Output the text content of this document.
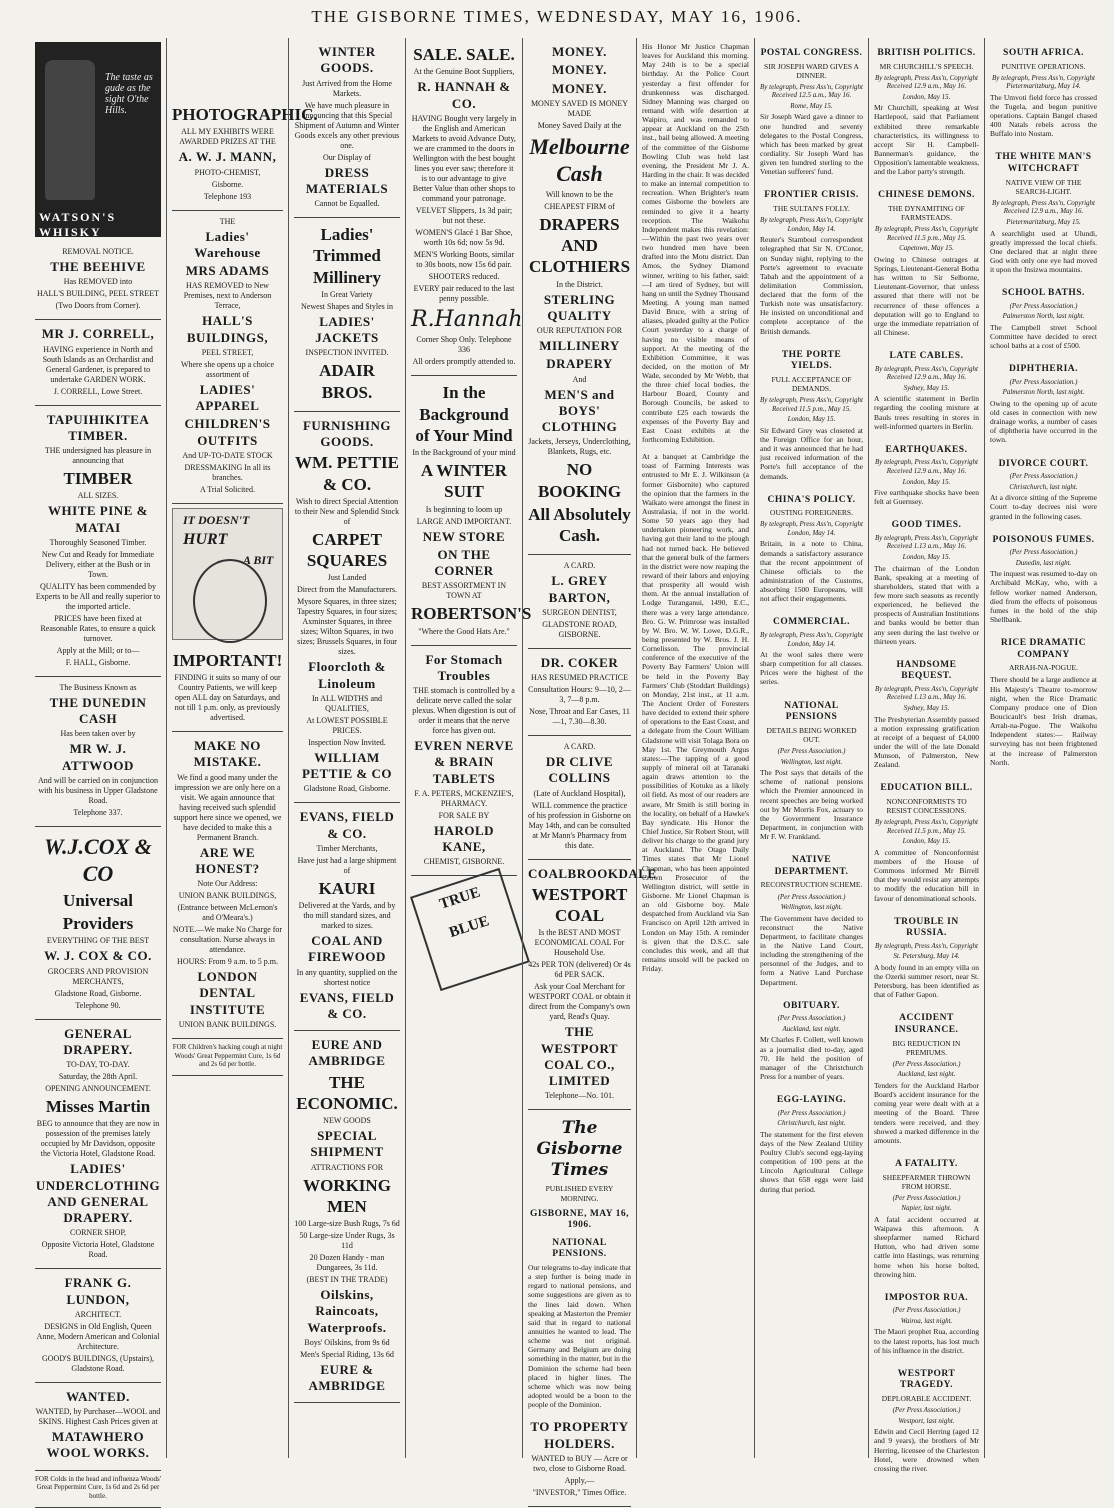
THE GISBORNE TIMES, WEDNESDAY, MAY 16, 1906.
The taste as gude as the sight O'the Hills.
WATSON'S WHISKY

REMOVAL NOTICE.

THE BEEHIVE

Has REMOVED into

HALL'S BUILDING, PEEL STREET

(Two Doors from Corner).

MR J. CORRELL,

HAVING experience in North and South Islands as an Orchardist and General Gardener, is prepared to undertake GARDEN WORK.

J. CORRELL, Lowe Street.

TAPUIHIKITEA TIMBER.

THE undersigned has pleasure in announcing that

TIMBER

ALL SIZES.

WHITE PINE & MATAI

Thoroughly Seasoned Timber.

New Cut and Ready for Immediate Delivery, either at the Bush or in Town.

QUALITY has been commended by Experts to be All and really superior to the imported article.

PRICES have been fixed at Reasonable Rates, to ensure a quick turnover.

Apply at the Mill; or to—

F. HALL, Gisborne.

The Business Known as

THE DUNEDIN CASH

Has been taken over by

MR W. J. ATTWOOD

And will be carried on in conjunction with his business in Upper Gladstone Road.

Telephone 337.

W.J.COX & CO

Universal

Providers

EVERYTHING OF THE BEST

W. J. COX & CO.

GROCERS AND PROVISION MERCHANTS,

Gladstone Road, Gisborne.

Telephone 90.

GENERAL DRAPERY.

TO-DAY, TO-DAY.

Saturday, the 28th April.

OPENING ANNOUNCEMENT.

Misses Martin

BEG to announce that they are now in possession of the premises lately occupied by Mr Davidson, opposite the Victoria Hotel, Gladstone Road.

LADIES' UNDERCLOTHING AND GENERAL DRAPERY.

CORNER SHOP,

Opposite Victoria Hotel, Gladstone Road.

FRANK G. LUNDON,

ARCHITECT.

DESIGNS in Old English, Queen Anne, Modern American and Colonial Architecture.

GOOD'S BUILDINGS, (Upstairs), Gladstone Road.

WANTED.

WANTED, by Purchaser—WOOL and SKINS. Highest Cash Prices given at

MATAWHERO WOOL WORKS.

FOR Colds in the head and influenza Woods' Great Peppermint Cure, 1s 6d and 2s 6d per bottle.

PHOTOGRAPHIC.

ALL MY EXHIBITS WERE AWARDED PRIZES AT THE

A. W. J. MANN,

PHOTO-CHEMIST,

Gisborne.

Telephone 193

THE

Ladies' Warehouse

MRS ADAMS

HAS REMOVED to New Premises, next to Anderson Terrace,

HALL'S BUILDINGS,

PEEL STREET,

Where she opens up a choice assortment of

LADIES' APPAREL

CHILDREN'S OUTFITS

And UP-TO-DATE STOCK

DRESSMAKING In all its branches.

A Trial Solicited.

IT DOESN'T
HURT
A BIT

IMPORTANT!

FINDING it suits so many of our Country Patients, we will keep open ALL day on Saturdays, and not till 1 p.m. only, as previously advertised.

MAKE NO MISTAKE.

We find a good many under the impression we are only here on a visit. We again announce that having received such splendid support here since we opened, we have decided to make this a Permanent Branch.

ARE WE HONEST?

Note Our Address:

UNION BANK BUILDINGS,

(Entrance between McLernon's and O'Meara's.)

NOTE.—We make No Charge for consultation. Nurse always in attendance.

HOURS: From 9 a.m. to 5 p.m.

LONDON DENTAL INSTITUTE

UNION BANK BUILDINGS.

FOR Children's hacking cough at night Woods' Great Peppermint Cure, 1s 6d and 2s 6d per bottle.

WINTER GOODS.

Just Arrived from the Home Markets.

We have much pleasure in announcing that this Special Shipment of Autumn and Winter Goods excels any other previous one.

Our Display of

DRESS MATERIALS

Cannot be Equalled.

Ladies' Trimmed Millinery

In Great Variety

Newest Shapes and Styles in

LADIES' JACKETS

INSPECTION INVITED.

ADAIR BROS.

FURNISHING GOODS.

WM. PETTIE & CO.

Wish to direct Special Attention to their New and Splendid Stock of

CARPET SQUARES

Just Landed

Direct from the Manufacturers.

Mysore Squares, in three sizes; Tapestry Squares, in four sizes; Axminster Squares, in three sizes; Wilton Squares, in two sizes; Brussels Squares, in four sizes.

Floorcloth & Linoleum

In ALL WIDTHS and QUALITIES,

At LOWEST POSSIBLE PRICES.

Inspection Now Invited.

WILLIAM PETTIE & CO

Gladstone Road, Gisborne.

EVANS, FIELD & CO.

Timber Merchants,

Have just had a large shipment of

KAURI

Delivered at the Yards, and by tho mill standard sizes, and marked to sizes.

COAL AND FIREWOOD

In any quantity, supplied on the shortest notice

EVANS, FIELD & CO.

EURE AND AMBRIDGE

THE ECONOMIC.

NEW GOODS

SPECIAL SHIPMENT

ATTRACTIONS FOR

WORKING MEN

100 Large-size Bush Rugs, 7s 6d

50 Large-size Under Rugs, 3s 11d

20 Dozen Handy - man Dungarees, 3s 11d.

(BEST IN THE TRADE)

Oilskins, Raincoats, Waterproofs.

Boys' Oilskins, from 9s 6d

Men's Special Riding, 13s 6d

EURE & AMBRIDGE

SALE. SALE.

At the Genuine Boot Suppliers,

R. HANNAH & CO.

HAVING Bought very largely in the English and American Markets to avoid Advance Duty, we are crammed to the doors in Wellington with the best bought lines you ever saw; therefore it is to our advantage to give Better Value than other shops to command your patronage.

VELVET Slippers, 1s 3d pair; but not these.

WOMEN'S Glacé 1 Bar Shoe, worth 10s 6d; now 5s 9d.

MEN'S Working Boots, similar to 30s boots, now 15s 6d pair.

SHOOTERS reduced.

EVERY pair reduced to the last penny possible.

R.Hannah

Corner Shop Only. Telephone 336

All orders promptly attended to.

In the Background of Your Mind

In the Background of your mind

A WINTER SUIT

Is beginning to loom up

LARGE AND IMPORTANT.

NEW STORE

ON THE CORNER

BEST ASSORTMENT IN TOWN AT

ROBERTSON'S

"Where the Good Hats Are."

For Stomach Troubles

THE stomach is controlled by a delicate nerve called the solar plexus. When digestion is out of order it means that the nerve force has given out.

EVREN NERVE & BRAIN TABLETS

F. A. PETERS, MCKENZIE'S, PHARMACY.

FOR SALE BY

HAROLD KANE,

CHEMIST, GISBORNE.

TRUE
BLUE

MONEY.

MONEY.

MONEY.

MONEY SAVED IS MONEY MADE

Money Saved Daily at the

Melbourne Cash

Will known to be the

CHEAPEST FIRM of

DRAPERS AND CLOTHIERS

In the District.

STERLING QUALITY

OUR REPUTATION FOR

MILLINERY

DRAPERY

And

MEN'S and BOYS' CLOTHING

Jackets, Jerseys, Underclothing, Blankets, Rugs, etc.

NO BOOKING

All Absolutely Cash.

A CARD.

L. GREY BARTON,

SURGEON DENTIST,

GLADSTONE ROAD, GISBORNE.

DR. COKER

HAS RESUMED PRACTICE

Consultation Hours: 9—10, 2—3, 7—8 p.m.

Nose, Throat and Ear Cases, 11—1, 7.30—8.30.

A CARD.

DR CLIVE COLLINS

(Late of Auckland Hospital),

WILL commence the practice of his profession in Gisborne on May 14th, and can be consulted at Mr Mann's Pharmacy from this date.

COALBROOKDALE

WESTPORT COAL

Is the BEST AND MOST ECONOMICAL COAL For Household Use.

42s PER TON (delivered) Or 4s 6d PER SACK.

Ask your Coal Merchant for WESTPORT COAL or obtain it direct from the Company's own yard, Read's Quay.

THE WESTPORT COAL CO., LIMITED

Telephone—No. 101.

The Gisborne Times
PUBLISHED EVERY MORNING.
GISBORNE, MAY 16, 1906.
NATIONAL PENSIONS.
Our telegrams to-day indicate that a step further is being made in regard to national pensions, and some suggestions are given as to the lines laid down. When speaking at Masterton the Premier said that in regard to national annuities he wanted to lead. The scheme was not original. Germany and Belgium are doing something in the matter, but in the Dominion the scheme had been placed in higher lines. The scheme which was now being adopted would be a boon to the people of the Dominion.

TO PROPERTY HOLDERS.

WANTED to BUY — Acre or two, close to Gisborne Road.

Apply,—

"INVESTOR," Times Office.

His Honor Mr Justice Chapman leaves for Auckland this morning. May 24th is to be a special birthday. At the Police Court yesterday a first offender for drunkenness was discharged. Sidney Manning was charged on remand with wife desertion at Waipiro, and was remanded to appear at Auckland on the 25th inst., bail being allowed. A meeting of the committee of the Gisborne Bowling Club was held last evening, the President Mr J. A. Harding in the chair. It was decided to make an internal competition to recreation. When Brighter's team comes Gisborne the bowlers are reminded to give it a hearty reception. The Waikohu Independent makes this revelation:—Within the past two years over two hundred men have been drafted into the Motu district. Dan Amos, the Sydney Diamond winner, writing to his father, said:—I am tired of Sydney, but will hang on until the Sydney Thousand Meeting. A young man named David Bruce, with a string of aliases, pleaded guilty at the Police Court yesterday to a charge of having no visible means of support. At the meeting of the Exhibition Committee, it was decided, on the motion of Mr Wade, seconded by Mr Webb, that the three chief local bodies, the Harbour Board, County and Borough Councils, be asked to contribute £25 each towards the expenses of the Poverty Bay and East Coast exhibits at the forthcoming Exhibition.
At a banquet at Cambridge the toast of Farming Interests was entrusted to Mr E. J. Wilkinson (a former Gisbornite) who captured the opinion that the farmers in the Waikato were amongst the finest in Australasia, if not in the world. Some 50 years ago they had undertaken pioneering work, and having got their land to the plough had not turned back. He believed that the general bulk of the farmers in the district were now reaping the reward of their labors and enjoying that prosperity all would wish them. At the annual installation of Lodge Turanganui, 1490, E.C., there was a very large attendance. Bro. G. W. Primrose was installed by W. Bro. W. W. Lowe, D.G.R., being presented by W. Bros. J. H. Cornelisson. The provincial conference of the executive of the Poverty Bay Farmers' Union will be held in the Poverty Bay Farmers' Club (Stoddart Buildings) on Monday, 21st inst., at 11 a.m. The Ancient Order of Foresters have decided to extend their sphere of operations to the East Coast, and a delegate from the Court William Gladstone will visit Tolaga Bora on May 1st. The Greymouth Argus states:—The tapping of a good supply of mineral oil at Taranaki again draws attention to the possibilities of Kotuku as a likely oil field. As most of our readers are aware, Mr Smith is still boring in the locality, on behalf of a Hawke's Bay syndicate. His Honor the Chief Justice, Sir Robert Stout, will deliver his charge to the grand jury at Auckland. The Otago Daily Times states that Mr Lionel Chapman, who has been appointed Crown Prosecutor of the Wellington district, will settle in Gisborne. Mr Lionel Chapman is an old Gisborne boy. Male despatched from Auckland via San Francisco on April 12th arrived in London on May 15th. A reminder is given that the D.S.C. sale concludes this week, and all that remains unsold will be packed on Friday.
POSTAL CONGRESS.
SIR JOSEPH WARD GIVES A DINNER.
By telegraph, Press Ass'n, Copyright Received 12.5 a.m., May 16.
Rome, May 15.
Sir Joseph Ward gave a dinner to one hundred and seventy delegates to the Postal Congress, which has been marked by great cordiality. Sir Joseph Ward has given ten hundred sterling to the Venetian sufferers' fund.
FRONTIER CRISIS.
THE SULTAN'S FOLLY.
By telegraph, Press Ass'n, Copyright London, May 14.
Reuter's Stamboul correspondent telegraphed that Sir N. O'Conor, on Sunday night, replying to the Porte's agreement to evacuate Tabah and the appointment of a delimitation Commission, declared that the form of the Turkish note was unsatisfactory. He insisted on unconditional and complete acceptance of the British demands.
THE PORTE YIELDS.
FULL ACCEPTANCE OF DEMANDS.
By telegraph, Press Ass'n, Copyright Received 11.5 p.m., May 15.
London, May 15.
Sir Edward Grey was closeted at the Foreign Office for an hour, and it was announced that he had just received information of the Porte's full acceptance of the demands.
CHINA'S POLICY.
OUSTING FOREIGNERS.
By telegraph, Press Ass'n, Copyright London, May 14.
Britain, in a note to China, demands a satisfactory assurance that the recent appointment of Chinese officials to the administration of the Customs, absorbing 1500 Europeans, will not affect their engagements.
COMMERCIAL.
By telegraph, Press Ass'n, Copyright London, May 14.
At the wool sales there were sharp competition for all classes. Prices were the highest of the series.
NATIONAL PENSIONS
DETAILS BEING WORKED OUT.
(Per Press Association.)
Wellington, last night.
The Post says that details of the scheme of national pensions which the Premier announced in recent speeches are being worked out by Mr Morris Fox, actuary to the Government Insurance Department, in conjunction with Mr F. W. Frankland.
NATIVE DEPARTMENT.
RECONSTRUCTION SCHEME.
(Per Press Association.)
Wellington, last night.
The Government have decided to reconstruct the Native Department, to facilitate changes in the Native Land Court, including the strengthening of the personnel of the Judges, and to form a Native Land Purchase Department.
OBITUARY.
(Per Press Association.)
Auckland, last night.
Mr Charles F. Collett, well known as a journalist died to-day, aged 70. He held the position of manager of the Christchurch Press for a number of years.
EGG-LAYING.
(Per Press Association.)
Christchurch, last night.
The statement for the first eleven days of the New Zealand Utility Poultry Club's second egg-laying competition of 100 pens at the Lincoln Agricultural College shows that 658 eggs were laid during that period.
BRITISH POLITICS.
MR CHURCHILL'S SPEECH.
By telegraph, Press Ass'n, Copyright Received 12.9 a.m., May 16.
London, May 15.
Mr Churchill, speaking at West Hartlepool, said that Parliament exhibited three remarkable characteristics, its willingness to accept Sir H. Campbell-Bannerman's guidance, the Opposition's lamentable weakness, and the Labor party's strength.
CHINESE DEMONS.
THE DYNAMITING OF FARMSTEADS.
By telegraph, Press Ass'n, Copyright Received 11.5 p.m., May 15.
Capetown, May 15.
Owing to Chinese outrages at Springs, Lieutenant-General Botha has written to Sir Selborne, Lieutenant-Governor, that unless assured that there will not be recurrence of these offences a deputation will go to England to urge the immediate repatriation of all Chinese.
LATE CABLES.
By telegraph, Press Ass'n, Copyright Received 12.9 a.m., May 16.
Sydney, May 15.
A scientific statement in Berlin regarding the cooling mixture at Bauls trees resulting in stores in well-informed quarters in Berlin.
EARTHQUAKES.
By telegraph, Press Ass'n, Copyright Received 12.9 a.m., May 16.
London, May 15.
Five earthquake shocks have been felt at Guernsey.
GOOD TIMES.
By telegraph, Press Ass'n, Copyright Received 1.13 a.m., May 16.
London, May 15.
The chairman of the London Bank, speaking at a meeting of shareholders, stated that with a few more such seasons as recently experienced, he believed the prospects of Australian Institutions and banks would be better than any seen during the last twelve or thirteen years.
HANDSOME BEQUEST.
By telegraph, Press Ass'n, Copyright Received 1.13 a.m., May 16.
Sydney, May 15.
The Presbyterian Assembly passed a motion expressing gratification at receipt of a bequest of £4,000 under the will of the late Donald Munson, of Palmerston, New Zealand.
EDUCATION BILL.
NONCONFORMISTS TO RESIST CONCESSIONS.
By telegraph, Press Ass'n, Copyright Received 11.5 p.m., May 15.
London, May 15.
A committee of Nonconformist members of the House of Commons informed Mr Birrell that they would resist any attempts to modify the education bill in favour of denominational schools.
TROUBLE IN RUSSIA.
By telegraph, Press Ass'n, Copyright
St. Petersburg, May 14.
A body found in an empty villa on the Ozerki summer resort, near St. Petersburg, has been identified as that of Father Gapon.
ACCIDENT INSURANCE.
BIG REDUCTION IN PREMIUMS.
(Per Press Association.)
Auckland, last night.
Tenders for the Auckland Harbor Board's accident insurance for the coming year were dealt with at a meeting of the Board. Three tenders were received, and they showed a marked difference in the amounts.
A FATALITY.
SHEEPFARMER THROWN FROM HORSE.
(Per Press Association.)
Napier, last night.
A fatal accident occurred at Waipawa this afternoon. A sheepfarmer named Richard Hutton, who had driven some cattle into Hastings, was returning home when his horse bolted, throwing him.
IMPOSTOR RUA.
(Per Press Association.)
Wairoa, last night.
The Maori prophet Rua, according to the latest reports, has lost much of his influence in the district.
WESTPORT TRAGEDY.
DEPLORABLE ACCIDENT.
(Per Press Association.)
Westport, last night.
Edwin and Cecil Herring (aged 12 and 9 years), the brothers of Mr Herring, licensee of the Charleston Hotel, were drowned when crossing the river.
SOUTH AFRICA.
PUNITIVE OPERATIONS.
By telegraph, Press Ass'n, Copyright Pietermaritzburg, May 14.
The Umvoti field force has crossed the Tugela, and begun punitive operations. Captain Bangel chased 400 Natals rebels across the Buffalo into Nostam.
THE WHITE MAN'S WITCHCRAFT
NATIVE VIEW OF THE SEARCH-LIGHT.
By telegraph, Press Ass'n, Copyright Received 12.9 a.m., May 16.
Pietermaritzburg, May 15.
A searchlight used at Ulundi, greatly impressed the local chiefs. One declared that at night three God with only one eye had moved it upon the Insizwa mountains.
SCHOOL BATHS.
(Per Press Association.)
Palmerston North, last night.
The Campbell street School Committee have decided to erect school baths at a cost of £500.
DIPHTHERIA.
(Per Press Association.)
Palmerston North, last night.
Owing to the opening up of acute old cases in connection with new drainage works, a number of cases of diphtheria have occurred in the town.
DIVORCE COURT.
(Per Press Association.)
Christchurch, last night.
At a divorce sitting of the Supreme Court to-day decrees nisi were granted in the following cases.
POISONOUS FUMES.
(Per Press Association.)
Dunedin, last night.
The inquest was resumed to-day on Archibald McKay, who, with a fellow worker named Anderson, died from the effects of poisonous fumes in the hold of the ship Shellbank.
RICE DRAMATIC COMPANY
ARRAH-NA-POGUE.
There should be a large audience at His Majesty's Theatre to-morrow night, when the Rice Dramatic Company produce one of Dion Boucicault's best Irish dramas, Arrah-na-Pogue. The Waikohu Independent states:— Railway surveying has not been frightened at the increase of Palmerston North.
